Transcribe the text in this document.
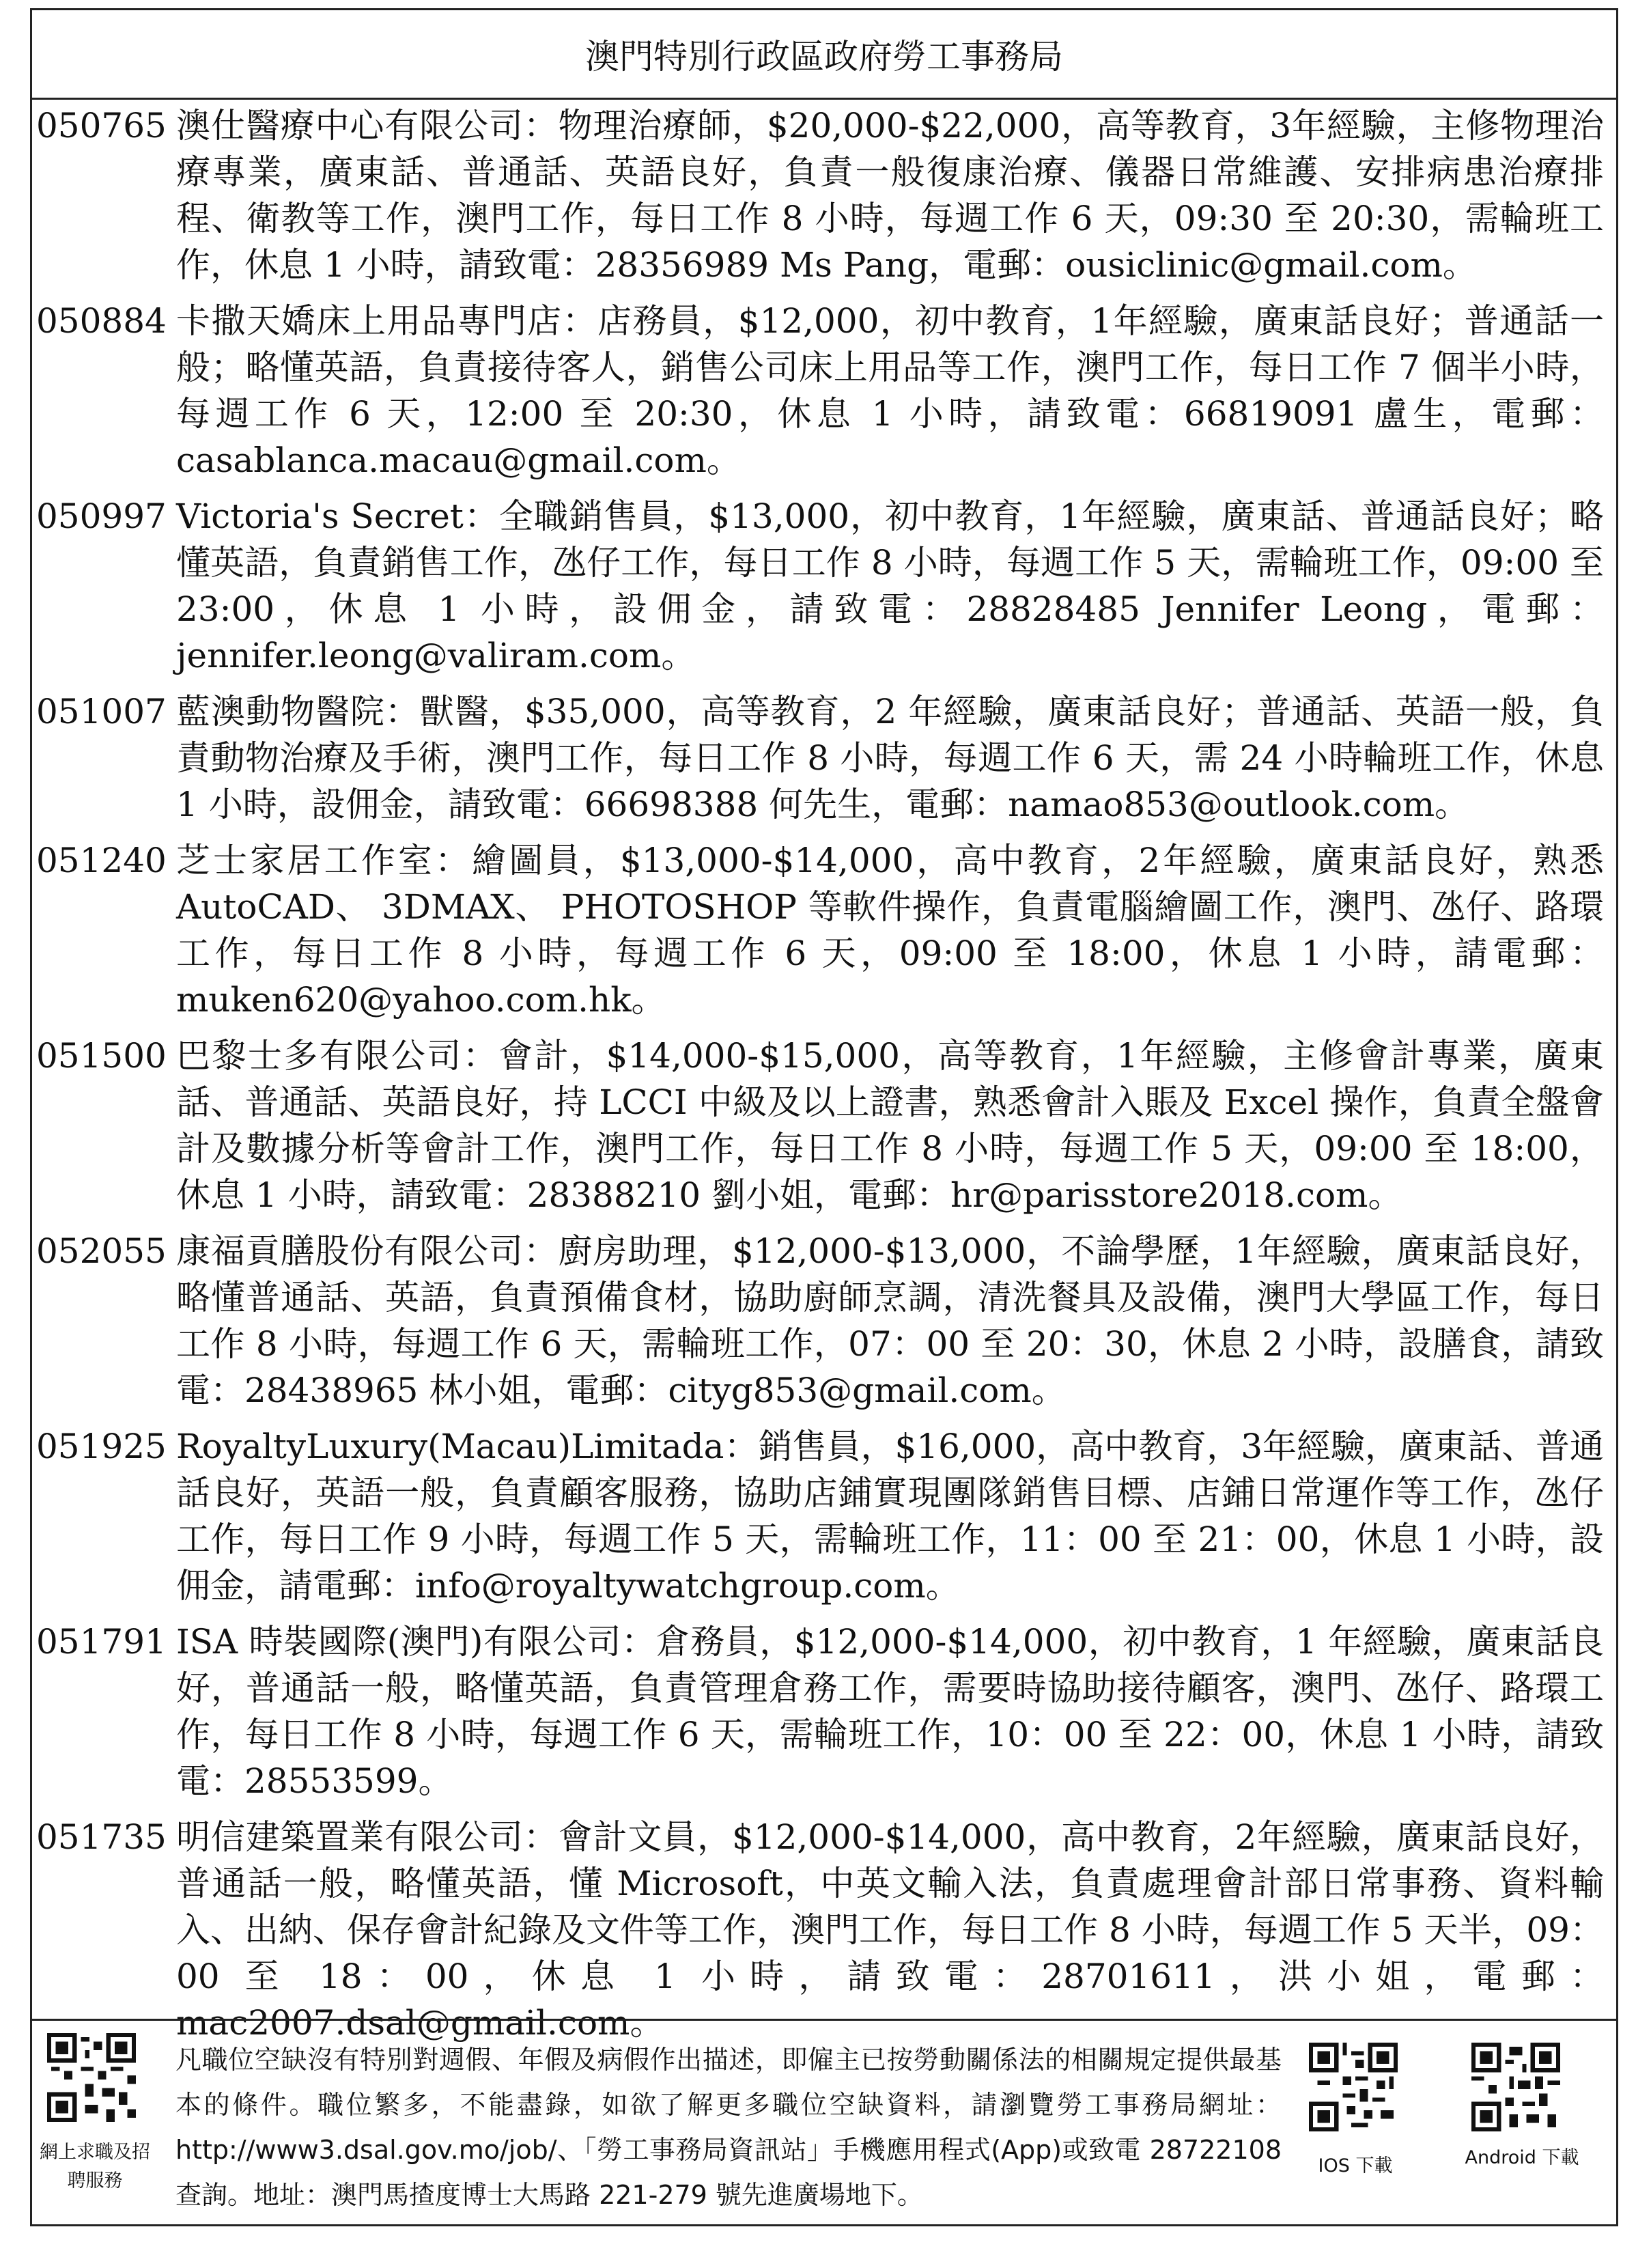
澳門特別行政區政府勞工事務局
050765 澳仕醫療中心有限公司：物理治療師，$20,000-$22,000，高等教育，3年經驗，主修物理治療專業，廣東話、普通話、英語良好，負責一般復康治療、儀器日常維護、安排病患治療排程、衛教等工作，澳門工作，每日工作 8 小時，每週工作 6 天，09:30 至 20:30，需輪班工作，休息 1 小時，請致電：28356989 Ms Pang，電郵：ousiclinic@gmail.com。
050884 卡撒天嬌床上用品專門店：店務員，$12,000，初中教育，1年經驗，廣東話良好；普通話一般；略懂英語，負責接待客人，銷售公司床上用品等工作，澳門工作，每日工作 7 個半小時，每週工作 6 天，12:00 至 20:30，休息 1 小時，請致電：66819091 盧生，電郵：casablanca.macau@gmail.com。
050997 Victoria's Secret：全職銷售員，$13,000，初中教育，1年經驗，廣東話、普通話良好；略懂英語，負責銷售工作，氹仔工作，每日工作 8 小時，每週工作 5 天，需輪班工作，09:00 至 23:00，休息 1 小時，設佣金，請致電：28828485 Jennifer Leong，電郵：jennifer.leong@valiram.com。
051007 藍澳動物醫院：獸醫，$35,000，高等教育，2 年經驗，廣東話良好；普通話、英語一般，負責動物治療及手術，澳門工作，每日工作 8 小時，每週工作 6 天，需 24 小時輪班工作，休息 1 小時，設佣金，請致電：66698388 何先生，電郵：namao853@outlook.com。
051240 芝士家居工作室：繪圖員，$13,000-$14,000，高中教育，2年經驗，廣東話良好，熟悉 AutoCAD、 3DMAX、 PHOTOSHOP 等軟件操作，負責電腦繪圖工作，澳門、氹仔、路環工作，每日工作 8 小時，每週工作 6 天，09:00 至 18:00，休息 1 小時，請電郵：muken620@yahoo.com.hk。
051500 巴黎士多有限公司：會計，$14,000-$15,000，高等教育，1年經驗，主修會計專業，廣東話、普通話、英語良好，持 LCCI 中級及以上證書，熟悉會計入賬及 Excel 操作，負責全盤會計及數據分析等會計工作，澳門工作，每日工作 8 小時，每週工作 5 天，09:00 至 18:00，休息 1 小時，請致電：28388210 劉小姐，電郵：hr@parisstore2018.com。
052055 康福貢膳股份有限公司：廚房助理，$12,000-$13,000，不論學歷，1年經驗，廣東話良好，略懂普通話、英語，負責預備食材，協助廚師烹調，清洗餐具及設備，澳門大學區工作，每日工作 8 小時，每週工作 6 天，需輪班工作，07：00 至 20：30，休息 2 小時，設膳食，請致電：28438965 林小姐，電郵：cityg853@gmail.com。
051925 RoyaltyLuxury(Macau)Limitada：銷售員，$16,000，高中教育，3年經驗，廣東話、普通話良好，英語一般，負責顧客服務，協助店鋪實現團隊銷售目標、店鋪日常運作等工作，氹仔工作，每日工作 9 小時，每週工作 5 天，需輪班工作，11：00 至 21：00，休息 1 小時，設佣金，請電郵：info@royaltywatchgroup.com。
051791 ISA 時裝國際(澳門)有限公司：倉務員，$12,000-$14,000，初中教育，1 年經驗，廣東話良好，普通話一般，略懂英語，負責管理倉務工作，需要時協助接待顧客，澳門、氹仔、路環工作，每日工作 8 小時，每週工作 6 天，需輪班工作，10：00 至 22：00，休息 1 小時，請致電：28553599。
051735 明信建築置業有限公司：會計文員，$12,000-$14,000，高中教育，2年經驗，廣東話良好，普通話一般，略懂英語，懂 Microsoft，中英文輸入法，負責處理會計部日常事務、資料輸入、出納、保存會計紀錄及文件等工作，澳門工作，每日工作 8 小時，每週工作 5 天半，09：00 至 18：00，休息 1 小時，請致電：28701611，洪小姐，電郵：mac2007.dsal@gmail.com。
網上求職及招聘服務
凡職位空缺沒有特別對週假、年假及病假作出描述，即僱主已按勞動關係法的相關規定提供最基本的條件。職位繁多，不能盡錄，如欲了解更多職位空缺資料，請瀏覽勞工事務局網址：http://www3.dsal.gov.mo/job/、「勞工事務局資訊站」手機應用程式(App)或致電 28722108 查詢。地址：澳門馬揸度博士大馬路 221-279 號先進廣場地下。
IOS 下載	Android 下載
